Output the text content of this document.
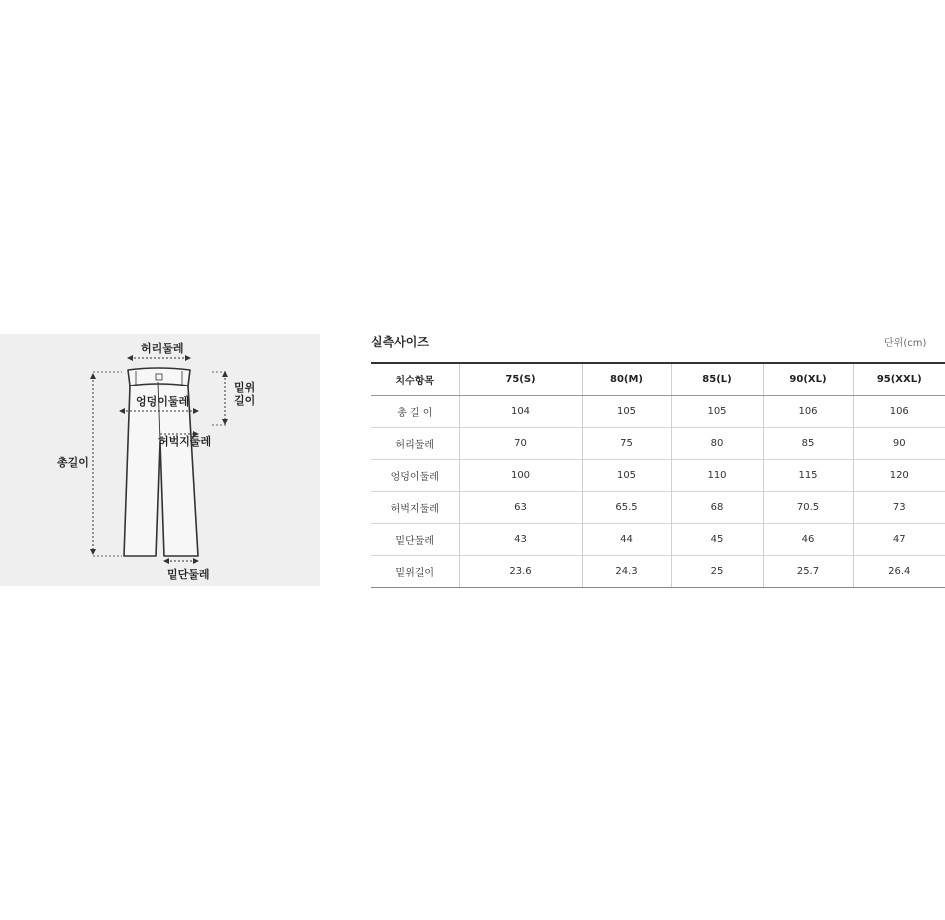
허리둘레
밑위
길이
엉덩이둘레
허벅지둘레
총길이
밑단둘레
실측사이즈	단위(cm)
치수항목	75(S)	80(M)	85(L)	90(XL)	95(XXL)
총 길 이	104	105	105	106	106
허리둘레	70	75	80	85	90
엉덩이둘레	100	105	110	115	120
허벅지둘레	63	65.5	68	70.5	73
밑단둘레	43	44	45	46	47
밑위길이	23.6	24.3	25	25.7	26.4
